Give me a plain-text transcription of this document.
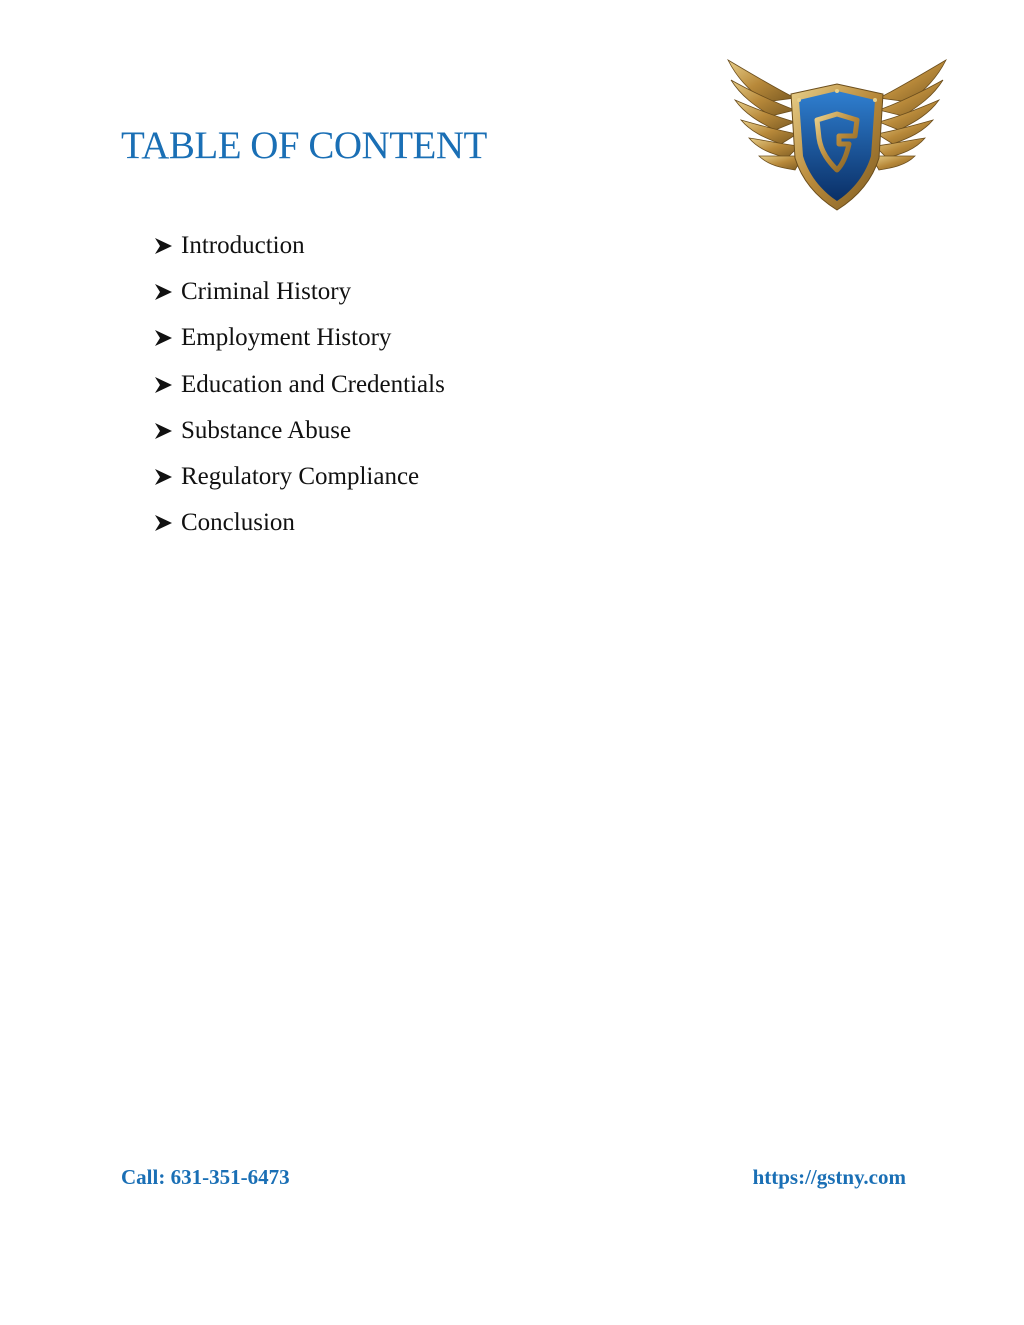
TABLE OF CONTENT
Introduction
Criminal History
Employment History
Education and Credentials
Substance Abuse
Regulatory Compliance
Conclusion
Call: 631-351-6473	https://gstny.com
